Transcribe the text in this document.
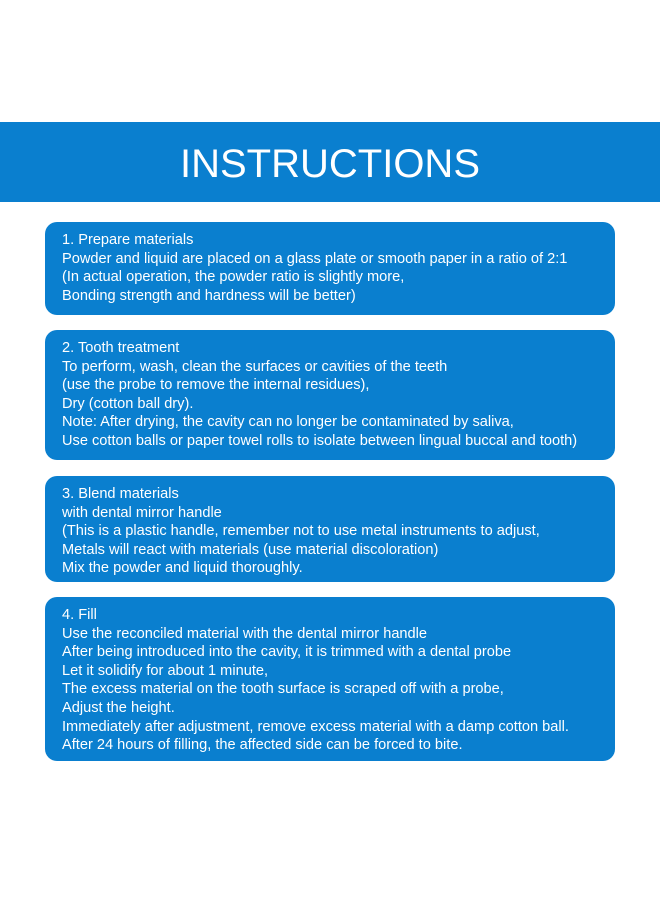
INSTRUCTIONS
1. Prepare materials
Powder and liquid are placed on a glass plate or smooth paper in a ratio of 2:1
(In actual operation, the powder ratio is slightly more,
Bonding strength and hardness will be better)
2. Tooth treatment
To perform, wash, clean the surfaces or cavities of the teeth
(use the probe to remove the internal residues),
Dry (cotton ball dry).
Note: After drying, the cavity can no longer be contaminated by saliva,
Use cotton balls or paper towel rolls to isolate between lingual buccal and tooth)
3. Blend materials
with dental mirror handle
(This is a plastic handle, remember not to use metal instruments to adjust,
Metals will react with materials (use material discoloration)
Mix the powder and liquid thoroughly.
4. Fill
Use the reconciled material with the dental mirror handle
After being introduced into the cavity, it is trimmed with a dental probe
Let it solidify for about 1 minute,
The excess material on the tooth surface is scraped off with a probe,
Adjust the height.
Immediately after adjustment, remove excess material with a damp cotton ball.
After 24 hours of filling, the affected side can be forced to bite.
